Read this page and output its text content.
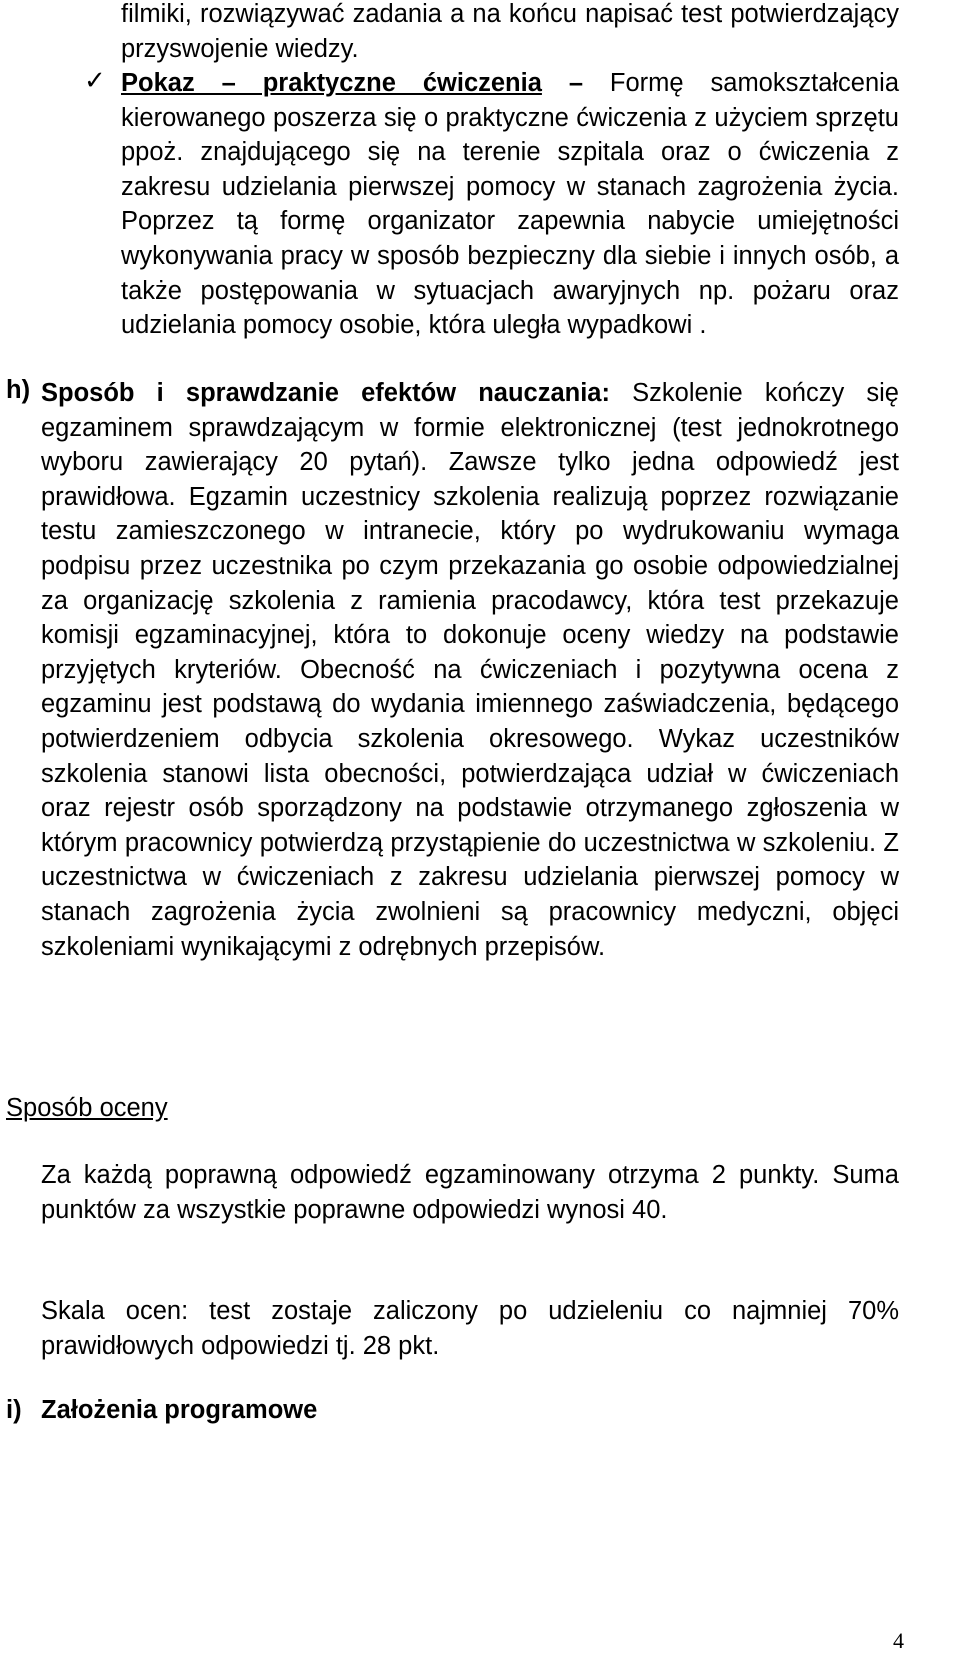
filmiki, rozwiązywać zadania a na końcu napisać test potwierdzający przyswojenie wiedzy.

✓ Pokaz – praktyczne ćwiczenia – Formę samokształcenia kierowanego poszerza się o praktyczne ćwiczenia z użyciem sprzętu ppoż. znajdującego się na terenie szpitala oraz o ćwiczenia z zakresu udzielania pierwszej pomocy w stanach zagrożenia życia. Poprzez tą formę organizator zapewnia nabycie umiejętności wykonywania pracy w sposób bezpieczny dla siebie i innych osób, a także postępowania w sytuacjach awaryjnych np. pożaru oraz udzielania pomocy osobie, która uległa wypadkowi .

h) Sposób i sprawdzanie efektów nauczania: Szkolenie kończy się egzaminem sprawdzającym w formie elektronicznej (test jednokrotnego wyboru zawierający 20 pytań). Zawsze tylko jedna odpowiedź jest prawidłowa. Egzamin uczestnicy szkolenia realizują poprzez rozwiązanie testu zamieszczonego w intranecie, który po wydrukowaniu wymaga podpisu przez uczestnika po czym przekazania go osobie odpowiedzialnej za organizację szkolenia z ramienia pracodawcy, która test przekazuje komisji egzaminacyjnej, która to dokonuje oceny wiedzy na podstawie przyjętych kryteriów. Obecność na ćwiczeniach i pozytywna ocena z egzaminu jest podstawą do wydania imiennego zaświadczenia, będącego potwierdzeniem odbycia szkolenia okresowego. Wykaz uczestników szkolenia stanowi lista obecności, potwierdzająca udział w ćwiczeniach oraz rejestr osób sporządzony na podstawie otrzymanego zgłoszenia w którym pracownicy potwierdzą przystąpienie do uczestnictwa w szkoleniu. Z uczestnictwa w ćwiczeniach z zakresu udzielania pierwszej pomocy w stanach zagrożenia życia zwolnieni są pracownicy medyczni, objęci szkoleniami wynikającymi z odrębnych przepisów.

Sposób oceny

Za każdą poprawną odpowiedź egzaminowany otrzyma 2 punkty. Suma punktów za wszystkie poprawne odpowiedzi wynosi 40.

Skala ocen: test zostaje zaliczony po udzieleniu co najmniej 70% prawidłowych odpowiedzi tj. 28 pkt.

i) Założenia programowe
4
